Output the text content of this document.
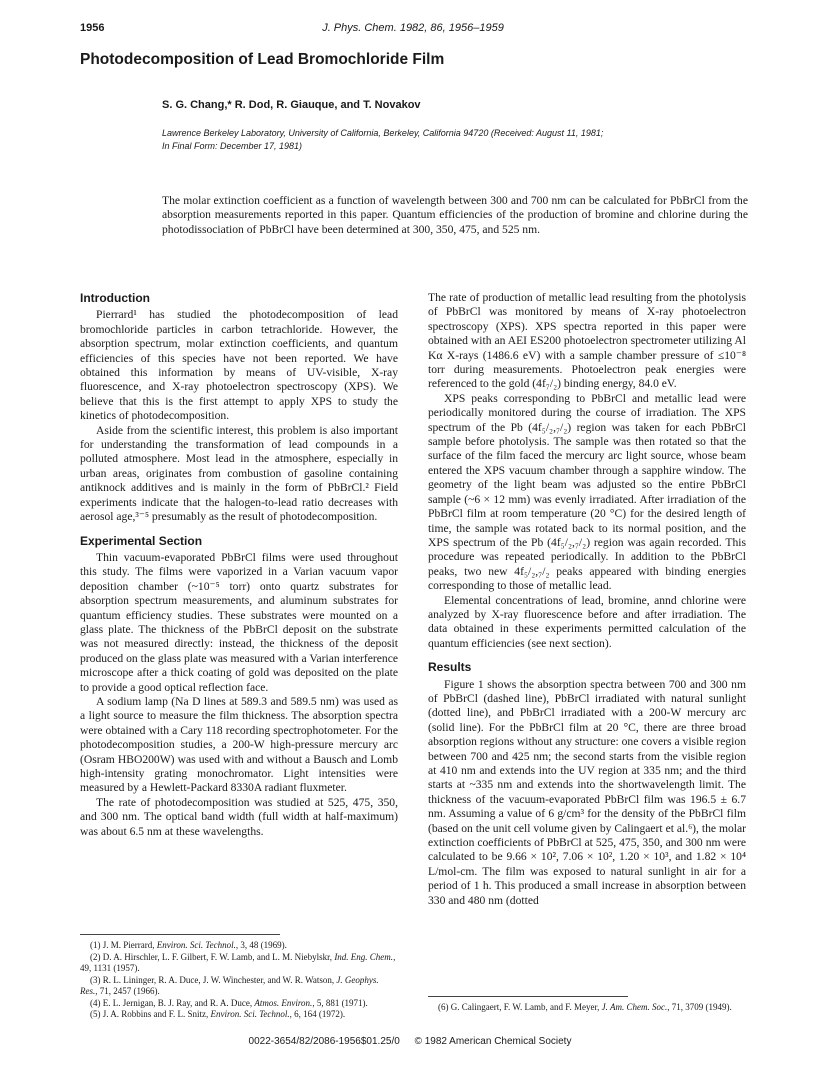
1956	J. Phys. Chem. 1982, 86, 1956–1959
Photodecomposition of Lead Bromochloride Film
S. G. Chang,* R. Dod, R. Giauque, and T. Novakov
Lawrence Berkeley Laboratory, University of California, Berkeley, California 94720 (Received: August 11, 1981;
In Final Form: December 17, 1981)

The molar extinction coefficient as a function of wavelength between 300 and 700 nm can be calculated for PbBrCl from the absorption measurements reported in this paper. Quantum efficiencies of the production of bromine and chlorine during the photodissociation of PbBrCl have been determined at 300, 350, 475, and 525 nm.

Introduction

Pierrard¹ has studied the photodecomposition of lead bromochloride particles in carbon tetrachloride. However, the absorption spectrum, molar extinction coefficients, and quantum efficiencies of this species have not been reported. We have obtained this information by means of UV-visible, X-ray fluorescence, and X-ray photoelectron spectroscopy (XPS). We believe that this is the first attempt to apply XPS to study the kinetics of photodecomposition.

Aside from the scientific interest, this problem is also important for understanding the transformation of lead compounds in a polluted atmosphere. Most lead in the atmosphere, especially in urban areas, originates from combustion of gasoline containing antiknock additives and is mainly in the form of PbBrCl.² Field experiments indicate that the halogen-to-lead ratio decreases with aerosol age,³⁻⁵ presumably as the result of photodecomposition.

Experimental Section

Thin vacuum-evaporated PbBrCl films were used throughout this study. The films were vaporized in a Varian vacuum vapor deposition chamber (~10⁻⁵ torr) onto quartz substrates for absorption spectrum measurements, and aluminum substrates for quantum efficiency studies. These substrates were mounted on a glass plate. The thickness of the PbBrCl deposit on the substrate was not measured directly: instead, the thickness of the deposit produced on the glass plate was measured with a Varian interference microscope after a thick coating of gold was deposited on the plate to provide a good optical reflection face.

A sodium lamp (Na D lines at 589.3 and 589.5 nm) was used as a light source to measure the film thickness. The absorption spectra were obtained with a Cary 118 recording spectrophotometer. For the photodecomposition studies, a 200-W high-pressure mercury arc (Osram HBO200W) was used with and without a Bausch and Lomb high-intensity grating monochromator. Light intensities were measured by a Hewlett-Packard 8330A radiant fluxmeter.

The rate of photodecomposition was studied at 525, 475, 350, and 300 nm. The optical band width (full width at half-maximum) was about 6.5 nm at these wavelengths.

(1) J. M. Pierrard, Environ. Sci. Technol., 3, 48 (1969).

(2) D. A. Hirschler, L. F. Gilbert, F. W. Lamb, and L. M. Niebylskr, Ind. Eng. Chem., 49, 1131 (1957).

(3) R. L. Lininger, R. A. Duce, J. W. Winchester, and W. R. Watson, J. Geophys. Res., 71, 2457 (1966).

(4) E. L. Jernigan, B. J. Ray, and R. A. Duce, Atmos. Environ., 5, 881 (1971).

(5) J. A. Robbins and F. L. Snitz, Environ. Sci. Technol., 6, 164 (1972).

The rate of production of metallic lead resulting from the photolysis of PbBrCl was monitored by means of X-ray photoelectron spectroscopy (XPS). XPS spectra reported in this paper were obtained with an AEI ES200 photoelectron spectrometer utilizing Al Kα X-rays (1486.6 eV) with a sample chamber pressure of ≤10⁻⁸ torr during measurements. Photoelectron peak energies were referenced to the gold (4f₇/₂) binding energy, 84.0 eV.

XPS peaks corresponding to PbBrCl and metallic lead were periodically monitored during the course of irradiation. The XPS spectrum of the Pb (4f₅/₂,₇/₂) region was taken for each PbBrCl sample before photolysis. The sample was then rotated so that the surface of the film faced the mercury arc light source, whose beam entered the XPS vacuum chamber through a sapphire window. The geometry of the light beam was adjusted so the entire PbBrCl sample (~6 × 12 mm) was evenly irradiated. After irradiation of the PbBrCl film at room temperature (20 °C) for the desired length of time, the sample was rotated back to its normal position, and the XPS spectrum of the Pb (4f₅/₂,₇/₂) region was again recorded. This procedure was repeated periodically. In addition to the PbBrCl peaks, two new 4f₅/₂,₇/₂ peaks appeared with binding energies corresponding to those of metallic lead.

Elemental concentrations of lead, bromine, annd chlorine were analyzed by X-ray fluorescence before and after irradiation. The data obtained in these experiments permitted calculation of the quantum efficiencies (see next section).

Results

Figure 1 shows the absorption spectra between 700 and 300 nm of PbBrCl (dashed line), PbBrCl irradiated with natural sunlight (dotted line), and PbBrCl irradiated with a 200-W mercury arc (solid line). For the PbBrCl film at 20 °C, there are three broad absorption regions without any structure: one covers a visible region between 700 and 425 nm; the second starts from the visible region at 410 nm and extends into the UV region at 335 nm; and the third starts at ~335 nm and extends into the shortwavelength limit. The thickness of the vacuum-evaporated PbBrCl film was 196.5 ± 6.7 nm. Assuming a value of 6 g/cm³ for the density of the PbBrCl film (based on the unit cell volume given by Calingaert et al.⁶), the molar extinction coefficients of PbBrCl at 525, 475, 350, and 300 nm were calculated to be 9.66 × 10², 7.06 × 10², 1.20 × 10³, and 1.82 × 10⁴ L/mol-cm. The film was exposed to natural sunlight in air for a period of 1 h. This produced a small increase in absorption between 330 and 480 nm (dotted

(6) G. Calingaert, F. W. Lamb, and F. Meyer, J. Am. Chem. Soc., 71, 3709 (1949).

0022-3654/82/2086-1956$01.25/0 © 1982 American Chemical Society
